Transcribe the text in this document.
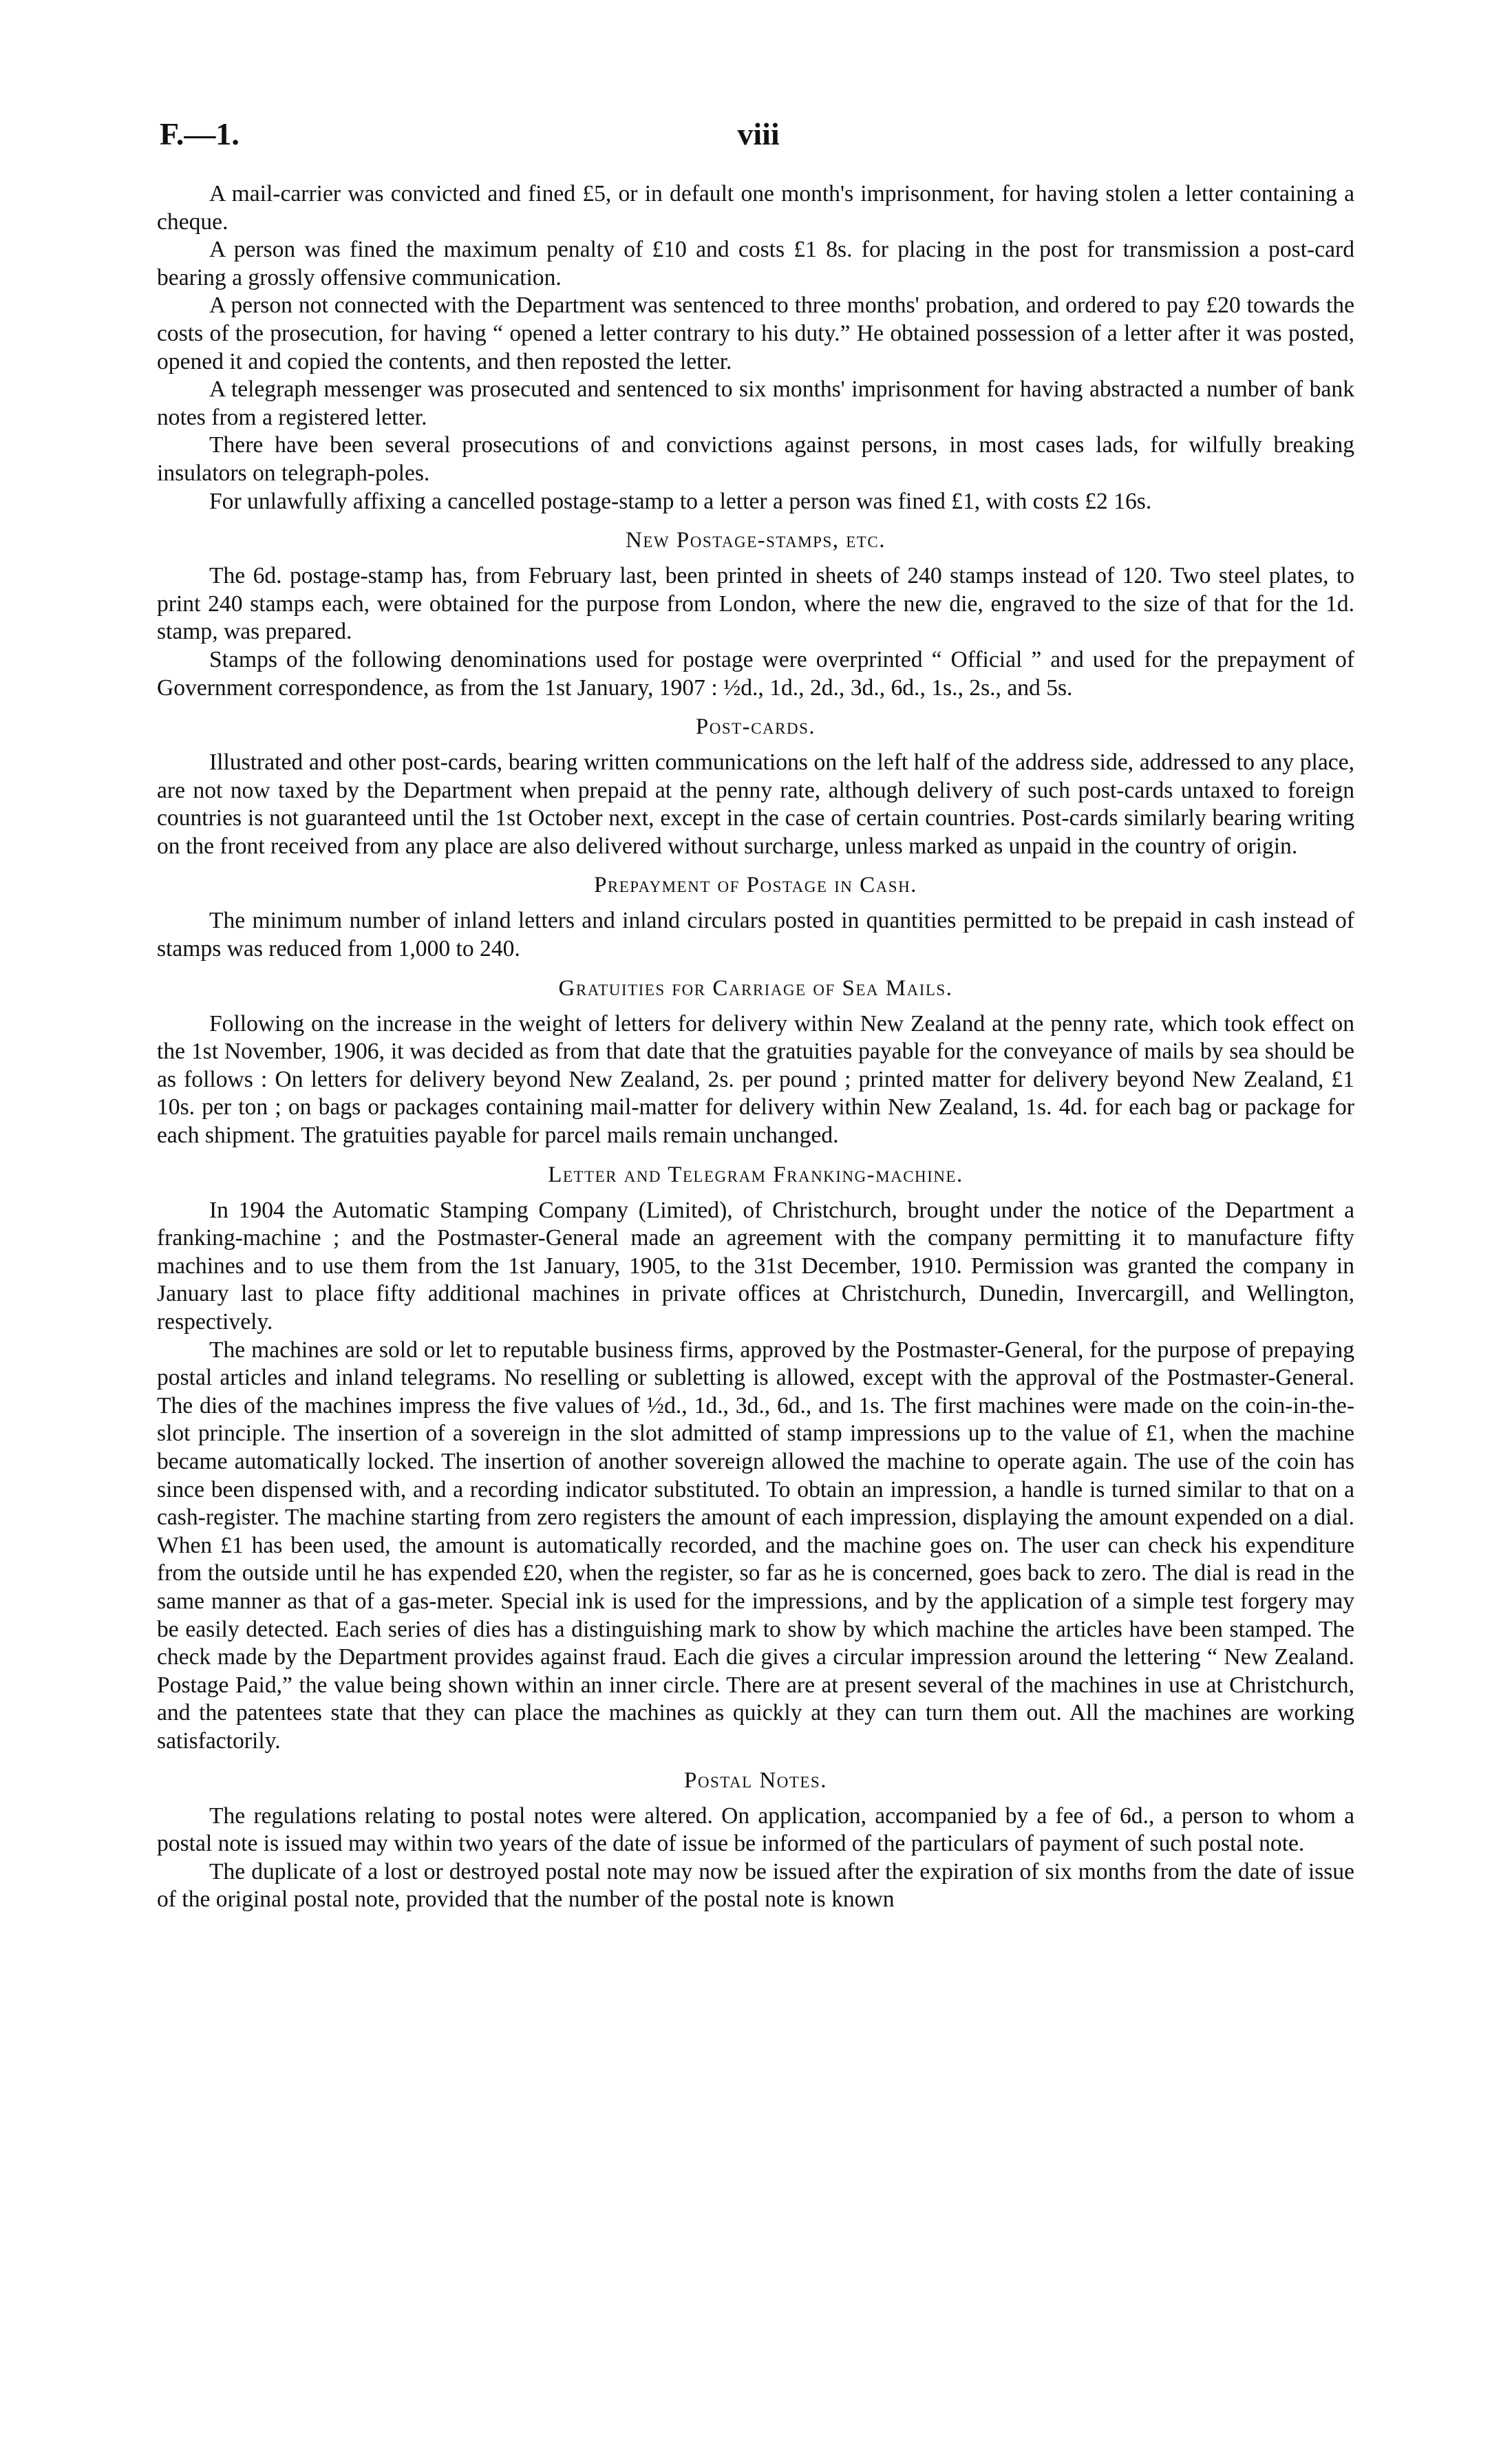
F.—1.	viii

A mail-carrier was convicted and fined £5, or in default one month's imprisonment, for having stolen a letter containing a cheque.

A person was fined the maximum penalty of £10 and costs £1 8s. for placing in the post for transmission a post-card bearing a grossly offensive communication.

A person not connected with the Department was sentenced to three months' probation, and ordered to pay £20 towards the costs of the prosecution, for having “ opened a letter contrary to his duty.” He obtained possession of a letter after it was posted, opened it and copied the contents, and then reposted the letter.

A telegraph messenger was prosecuted and sentenced to six months' imprisonment for having abstracted a number of bank notes from a registered letter.

There have been several prosecutions of and convictions against persons, in most cases lads, for wilfully breaking insulators on telegraph-poles.

For unlawfully affixing a cancelled postage-stamp to a letter a person was fined £1, with costs £2 16s.

New Postage-stamps, etc.

The 6d. postage-stamp has, from February last, been printed in sheets of 240 stamps instead of 120. Two steel plates, to print 240 stamps each, were obtained for the purpose from London, where the new die, engraved to the size of that for the 1d. stamp, was prepared.

Stamps of the following denominations used for postage were overprinted “ Official ” and used for the prepayment of Government correspondence, as from the 1st January, 1907 : ½d., 1d., 2d., 3d., 6d., 1s., 2s., and 5s.

Post-cards.

Illustrated and other post-cards, bearing written communications on the left half of the address side, addressed to any place, are not now taxed by the Department when prepaid at the penny rate, although delivery of such post-cards untaxed to foreign countries is not guaranteed until the 1st October next, except in the case of certain countries. Post-cards similarly bearing writing on the front received from any place are also delivered without surcharge, unless marked as unpaid in the country of origin.

Prepayment of Postage in Cash.

The minimum number of inland letters and inland circulars posted in quantities permitted to be prepaid in cash instead of stamps was reduced from 1,000 to 240.

Gratuities for Carriage of Sea Mails.

Following on the increase in the weight of letters for delivery within New Zealand at the penny rate, which took effect on the 1st November, 1906, it was decided as from that date that the gratuities payable for the conveyance of mails by sea should be as follows : On letters for delivery beyond New Zealand, 2s. per pound ; printed matter for delivery beyond New Zealand, £1 10s. per ton ; on bags or packages containing mail-matter for delivery within New Zealand, 1s. 4d. for each bag or package for each shipment. The gratuities payable for parcel mails remain unchanged.

Letter and Telegram Franking-machine.

In 1904 the Automatic Stamping Company (Limited), of Christchurch, brought under the notice of the Department a franking-machine ; and the Postmaster-General made an agreement with the company permitting it to manufacture fifty machines and to use them from the 1st January, 1905, to the 31st December, 1910. Permission was granted the company in January last to place fifty additional machines in private offices at Christchurch, Dunedin, Invercargill, and Wellington, respectively.

The machines are sold or let to reputable business firms, approved by the Postmaster-General, for the purpose of prepaying postal articles and inland telegrams. No reselling or subletting is allowed, except with the approval of the Postmaster-General. The dies of the machines impress the five values of ½d., 1d., 3d., 6d., and 1s. The first machines were made on the coin-in-the-slot principle. The insertion of a sovereign in the slot admitted of stamp impressions up to the value of £1, when the machine became automatically locked. The insertion of another sovereign allowed the machine to operate again. The use of the coin has since been dispensed with, and a recording indicator substituted. To obtain an impression, a handle is turned similar to that on a cash-register. The machine starting from zero registers the amount of each impression, displaying the amount expended on a dial. When £1 has been used, the amount is automatically recorded, and the machine goes on. The user can check his expenditure from the outside until he has expended £20, when the register, so far as he is concerned, goes back to zero. The dial is read in the same manner as that of a gas-meter. Special ink is used for the impressions, and by the application of a simple test forgery may be easily detected. Each series of dies has a distinguishing mark to show by which machine the articles have been stamped. The check made by the Department provides against fraud. Each die gives a circular impression around the lettering “ New Zealand. Postage Paid,” the value being shown within an inner circle. There are at present several of the machines in use at Christchurch, and the patentees state that they can place the machines as quickly at they can turn them out. All the machines are working satisfactorily.

Postal Notes.

The regulations relating to postal notes were altered. On application, accompanied by a fee of 6d., a person to whom a postal note is issued may within two years of the date of issue be informed of the particulars of payment of such postal note.

The duplicate of a lost or destroyed postal note may now be issued after the expiration of six months from the date of issue of the original postal note, provided that the number of the postal note is known
